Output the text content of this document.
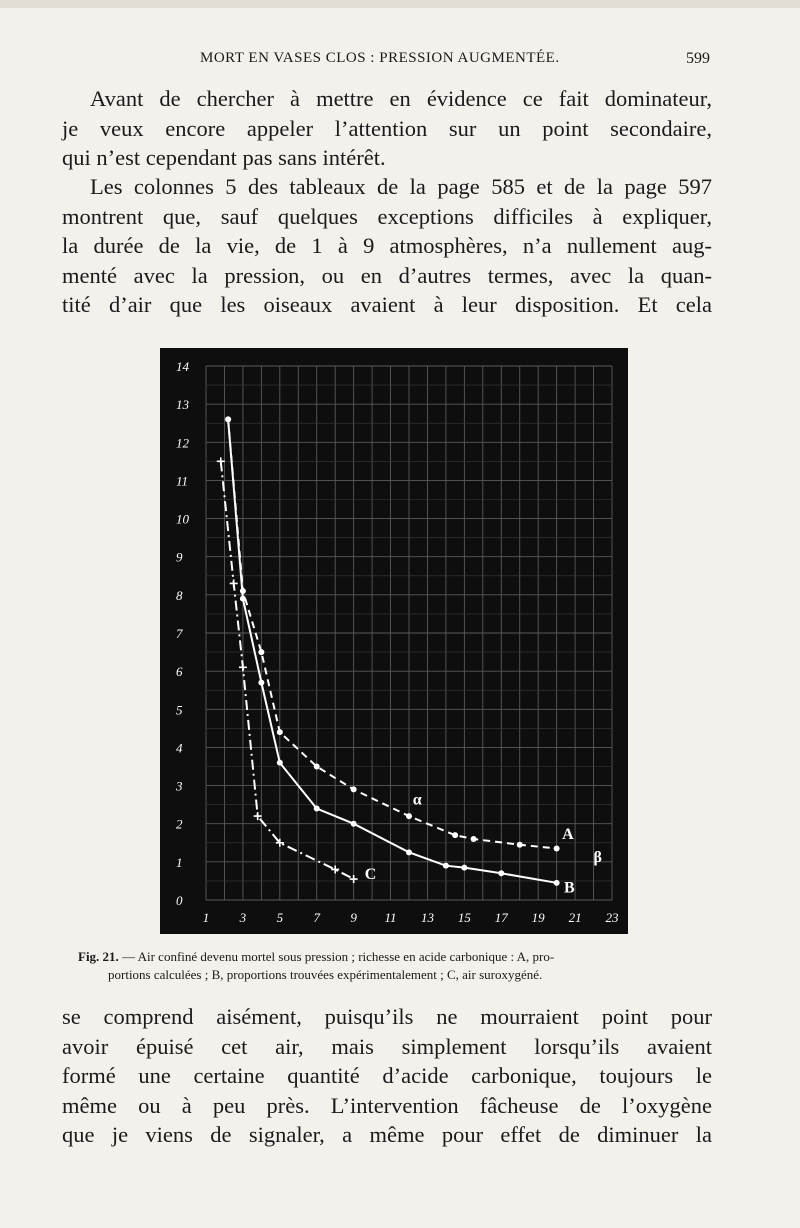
MORT EN VASES CLOS : PRESSION AUGMENTÉE.	599
Avant de chercher à mettre en évidence ce fait dominateur,
je veux encore appeler l’attention sur un point secondaire,
qui n’est cependant pas sans intérêt.
Les colonnes 5 des tableaux de la page 585 et de la page 597
montrent que, sauf quelques exceptions difficiles à expliquer,
la durée de la vie, de 1 à 9 atmosphères, n’a nullement aug-
menté avec la pression, ou en d’autres termes, avec la quan-
tité d’air que les oiseaux avaient à leur disposition. Et cela
1 3 5 7 9 11 13 15 17 19 21 23
0
1
2
3
4
5
6
7
8
9
10
11
12
13
14
A
B
C
α
β
Fig. 21. — Air confiné devenu mortel sous pression ; richesse en acide carbonique : A, pro-
portions calculées ; B, proportions trouvées expérimentalement ; C, air suroxygéné.
se comprend aisément, puisqu’ils ne mourraient point pour
avoir épuisé cet air, mais simplement lorsqu’ils avaient
formé une certaine quantité d’acide carbonique, toujours le
même ou à peu près. L’intervention fâcheuse de l’oxygène
que je viens de signaler, a même pour effet de diminuer la
